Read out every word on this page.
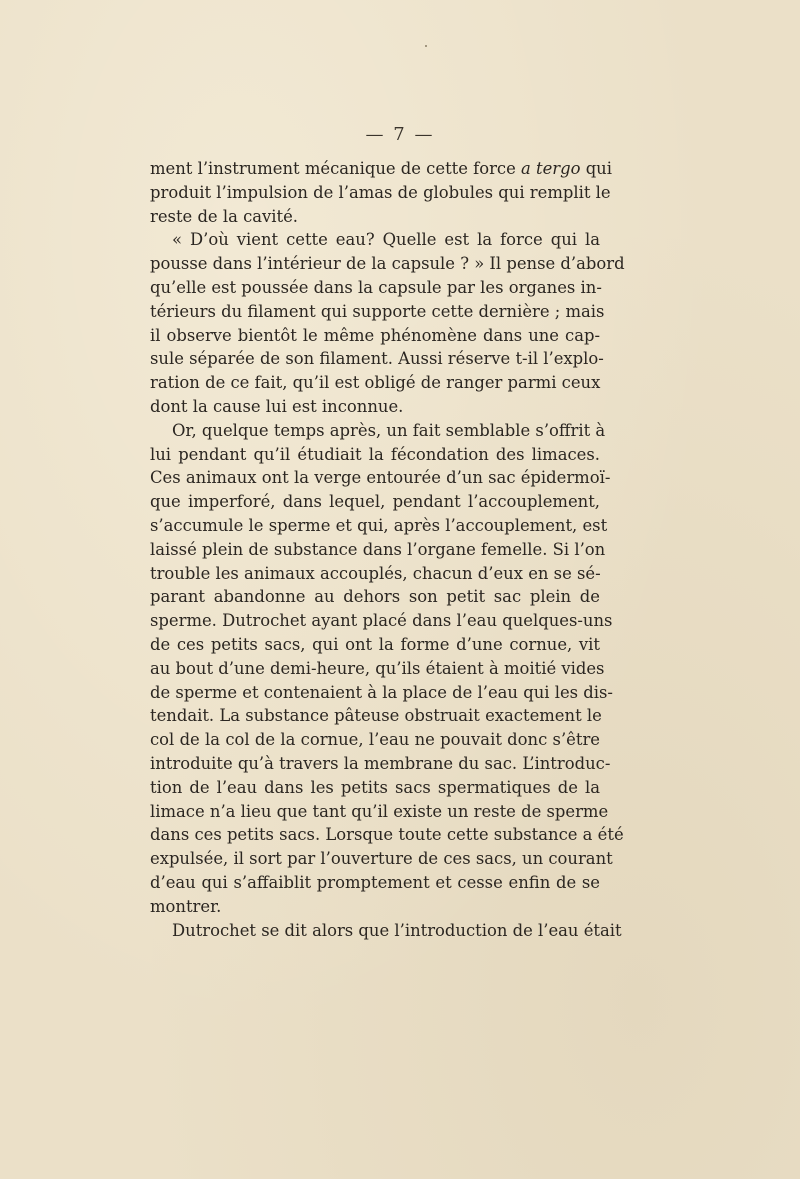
— 7 —
ment l’instrument mécanique de cette force a tergo qui
produit l’impulsion de l’amas de globules qui remplit le
reste de la cavité.
« D’où vient cette eau? Quelle est la force qui la
pousse dans l’intérieur de la capsule ? » Il pense d’abord
qu’elle est poussée dans la capsule par les organes in-
térieurs du filament qui supporte cette dernière ; mais
il observe bientôt le même phénomène dans une cap-
sule séparée de son filament. Aussi réserve t-il l’explo-
ration de ce fait, qu’il est obligé de ranger parmi ceux
dont la cause lui est inconnue.
Or, quelque temps après, un fait semblable s’offrit à
lui pendant qu’il étudiait la fécondation des limaces.
Ces animaux ont la verge entourée d’un sac épidermoï-
que imperforé, dans lequel, pendant l’accouplement,
s’accumule le sperme et qui, après l’accouplement, est
laissé plein de substance dans l’organe femelle. Si l’on
trouble les animaux accouplés, chacun d’eux en se sé-
parant abandonne au dehors son petit sac plein de
sperme. Dutrochet ayant placé dans l’eau quelques-uns
de ces petits sacs, qui ont la forme d’une cornue, vit
au bout d’une demi-heure, qu’ils étaient à moitié vides
de sperme et contenaient à la place de l’eau qui les dis-
tendait. La substance pâteuse obstruait exactement le
col de la col de la cornue, l’eau ne pouvait donc s’être
introduite qu’à travers la membrane du sac. L’introduc-
tion de l’eau dans les petits sacs spermatiques de la
limace n’a lieu que tant qu’il existe un reste de sperme
dans ces petits sacs. Lorsque toute cette substance a été
expulsée, il sort par l’ouverture de ces sacs, un courant
d’eau qui s’affaiblit promptement et cesse enfin de se
montrer.
Dutrochet se dit alors que l’introduction de l’eau était
